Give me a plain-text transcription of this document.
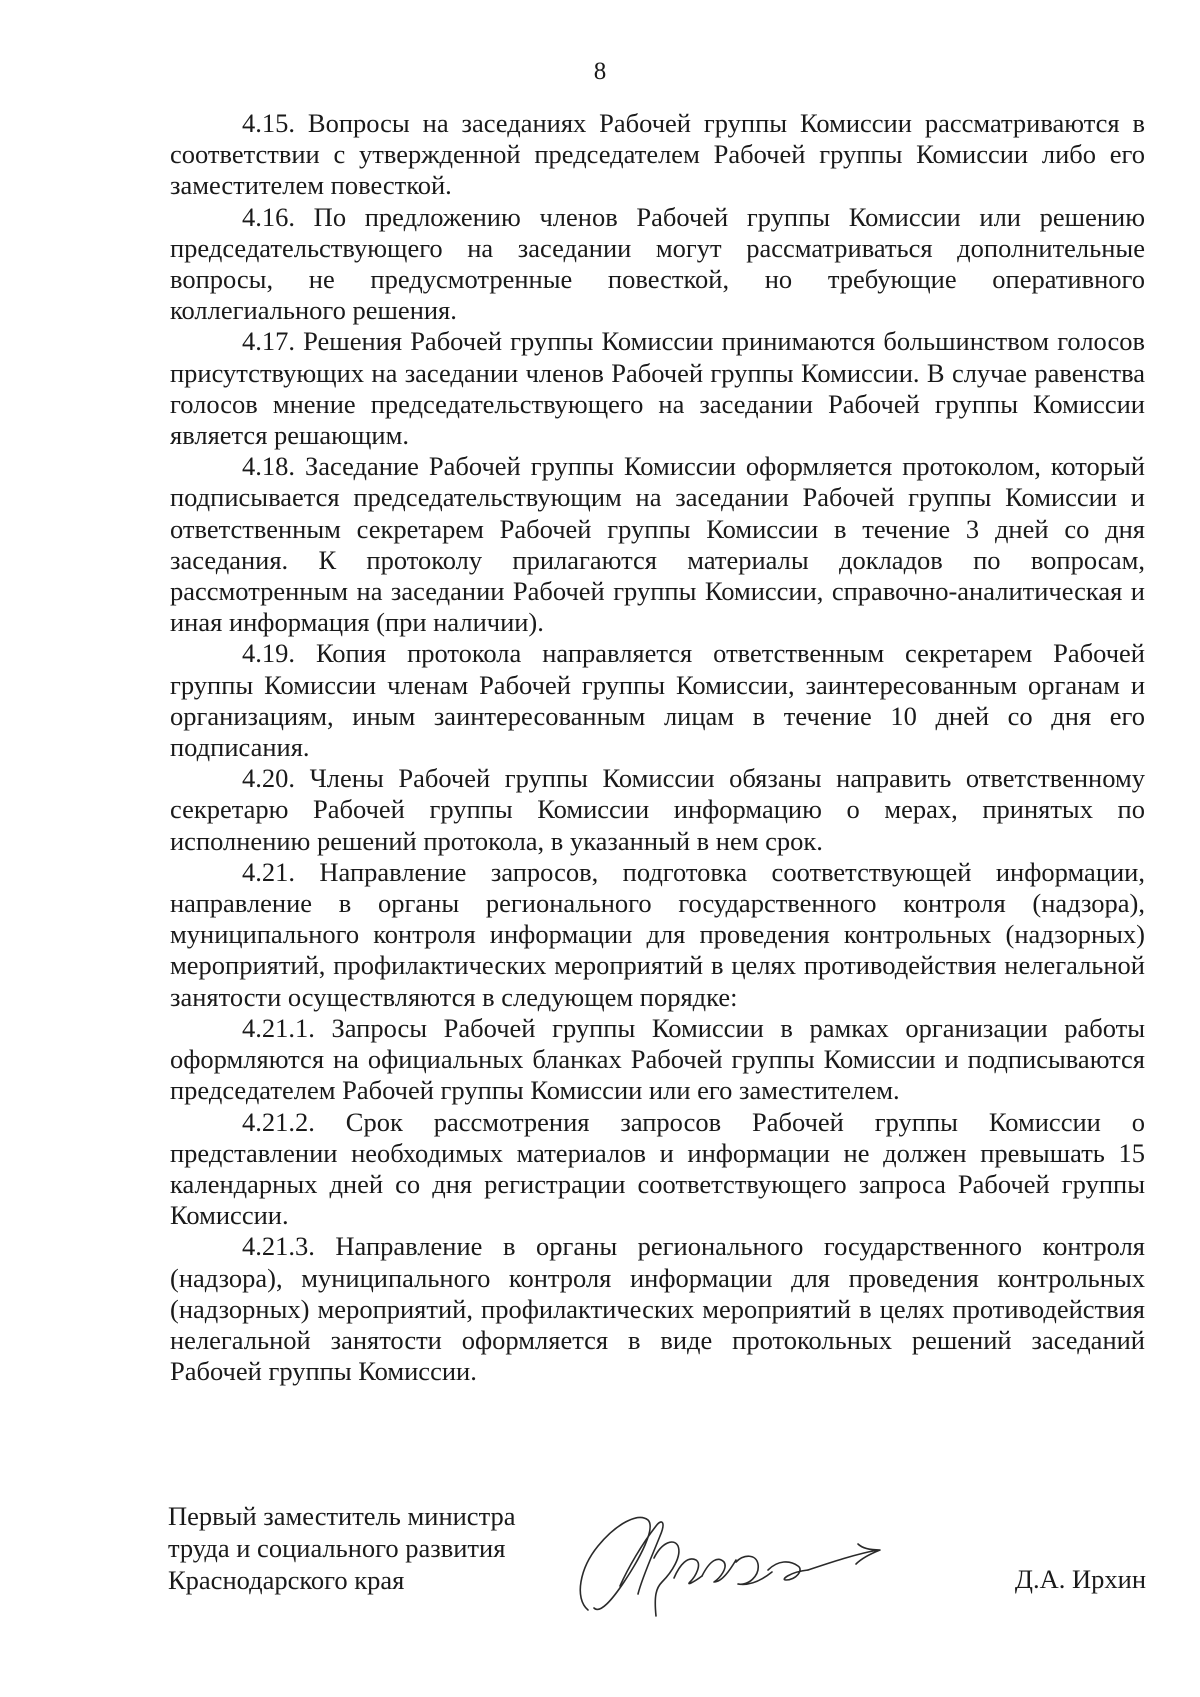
8

4.15. Вопросы на заседаниях Рабочей группы Комиссии рассматриваются в соответствии с утвержденной председателем Рабочей группы Комиссии либо его заместителем повесткой.

4.16. По предложению членов Рабочей группы Комиссии или решению председательствующего на заседании могут рассматриваться дополнительные вопросы, не предусмотренные повесткой, но требующие оперативного коллегиального решения.

4.17. Решения Рабочей группы Комиссии принимаются большинством голосов присутствующих на заседании членов Рабочей группы Комиссии. В случае равенства голосов мнение председательствующего на заседании Рабочей группы Комиссии является решающим.

4.18. Заседание Рабочей группы Комиссии оформляется протоколом, который подписывается председательствующим на заседании Рабочей группы Комиссии и ответственным секретарем Рабочей группы Комиссии в течение 3 дней со дня заседания. К протоколу прилагаются материалы докладов по вопросам, рассмотренным на заседании Рабочей группы Комиссии, справочно-аналитическая и иная информация (при наличии).

4.19. Копия протокола направляется ответственным секретарем Рабочей группы Комиссии членам Рабочей группы Комиссии, заинтересованным органам и организациям, иным заинтересованным лицам в течение 10 дней со дня его подписания.

4.20. Члены Рабочей группы Комиссии обязаны направить ответственному секретарю Рабочей группы Комиссии информацию о мерах, принятых по исполнению решений протокола, в указанный в нем срок.

4.21. Направление запросов, подготовка соответствующей информации, направление в органы регионального государственного контроля (надзора), муниципального контроля информации для проведения контрольных (надзорных) мероприятий, профилактических мероприятий в целях противодействия нелегальной занятости осуществляются в следующем порядке:

4.21.1. Запросы Рабочей группы Комиссии в рамках организации работы оформляются на официальных бланках Рабочей группы Комиссии и подписываются председателем Рабочей группы Комиссии или его заместителем.

4.21.2. Срок рассмотрения запросов Рабочей группы Комиссии о представлении необходимых материалов и информации не должен превышать 15 календарных дней со дня регистрации соответствующего запроса Рабочей группы Комиссии.

4.21.3. Направление в органы регионального государственного контроля (надзора), муниципального контроля информации для проведения контрольных (надзорных) мероприятий, профилактических мероприятий в целях противодействия нелегальной занятости оформляется в виде протокольных решений заседаний Рабочей группы Комиссии.

Первый заместитель министра
труда и социального развития
Краснодарского края	Д.А. Ирхин
